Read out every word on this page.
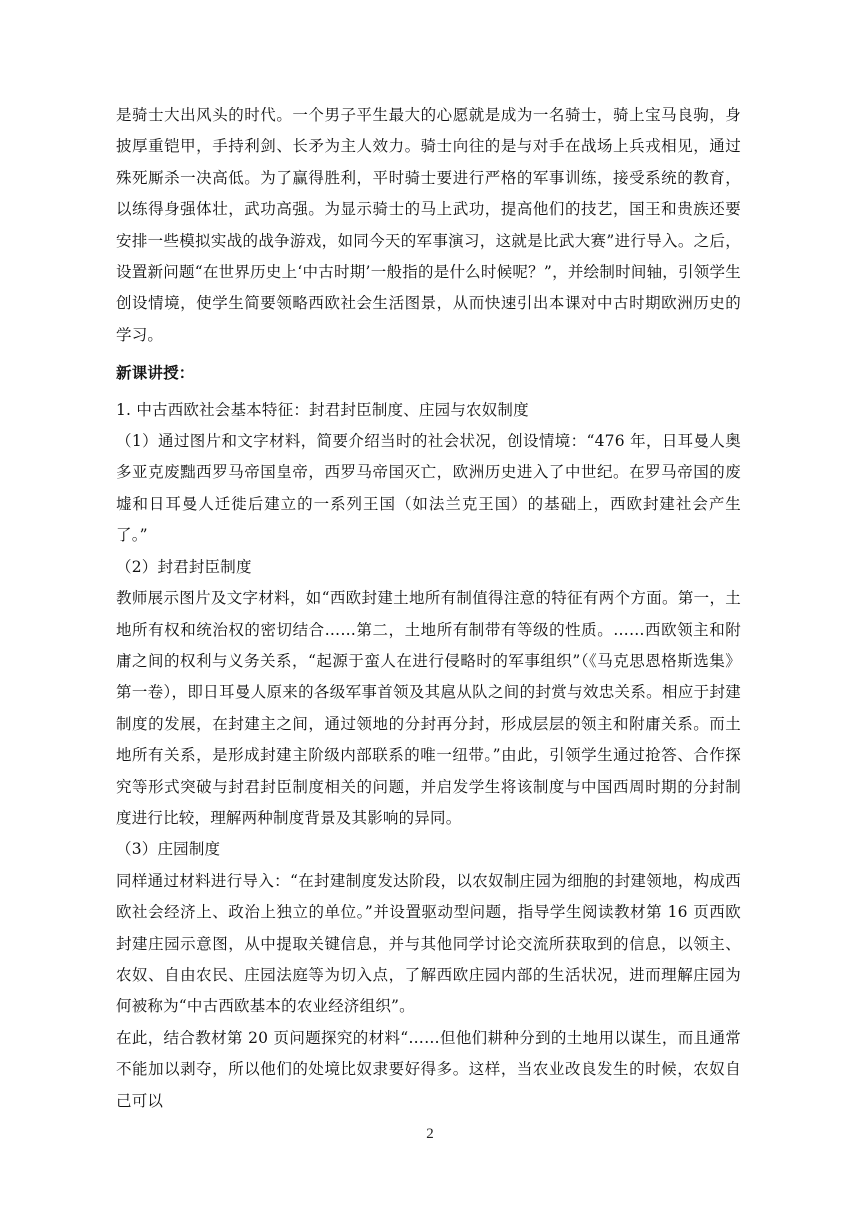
是骑士大出风头的时代。一个男子平生最大的心愿就是成为一名骑士，骑上宝马良驹，身披厚重铠甲，手持利剑、长矛为主人效力。骑士向往的是与对手在战场上兵戎相见，通过殊死厮杀一决高低。为了赢得胜利，平时骑士要进行严格的军事训练，接受系统的教育，以练得身强体壮，武功高强。为显示骑士的马上武功，提高他们的技艺，国王和贵族还要安排一些模拟实战的战争游戏，如同今天的军事演习，这就是比武大赛”进行导入。之后，设置新问题“在世界历史上‘中古时期’一般指的是什么时候呢？”，并绘制时间轴，引领学生创设情境，使学生简要领略西欧社会生活图景，从而快速引出本课对中古时期欧洲历史的学习。

新课讲授：

1. 中古西欧社会基本特征：封君封臣制度、庄园与农奴制度

（1）通过图片和文字材料，简要介绍当时的社会状况，创设情境：“476 年，日耳曼人奥多亚克废黜西罗马帝国皇帝，西罗马帝国灭亡，欧洲历史进入了中世纪。在罗马帝国的废墟和日耳曼人迁徙后建立的一系列王国（如法兰克王国）的基础上，西欧封建社会产生了。”

（2）封君封臣制度

教师展示图片及文字材料，如“西欧封建土地所有制值得注意的特征有两个方面。第一，土地所有权和统治权的密切结合……第二，土地所有制带有等级的性质。……西欧领主和附庸之间的权利与义务关系，“起源于蛮人在进行侵略时的军事组织”（《马克思恩格斯选集》第一卷），即日耳曼人原来的各级军事首领及其扈从队之间的封赏与效忠关系。相应于封建制度的发展，在封建主之间，通过领地的分封再分封，形成层层的领主和附庸关系。而土地所有关系，是形成封建主阶级内部联系的唯一纽带。”由此，引领学生通过抢答、合作探究等形式突破与封君封臣制度相关的问题，并启发学生将该制度与中国西周时期的分封制度进行比较，理解两种制度背景及其影响的异同。

（3）庄园制度

同样通过材料进行导入：“在封建制度发达阶段，以农奴制庄园为细胞的封建领地，构成西欧社会经济上、政治上独立的单位。”并设置驱动型问题，指导学生阅读教材第 16 页西欧封建庄园示意图，从中提取关键信息，并与其他同学讨论交流所获取到的信息，以领主、农奴、自由农民、庄园法庭等为切入点，了解西欧庄园内部的生活状况，进而理解庄园为何被称为“中古西欧基本的农业经济组织”。

在此，结合教材第 20 页问题探究的材料“……但他们耕种分到的土地用以谋生，而且通常不能加以剥夺，所以他们的处境比奴隶要好得多。这样，当农业改良发生的时候，农奴自己可以

2
